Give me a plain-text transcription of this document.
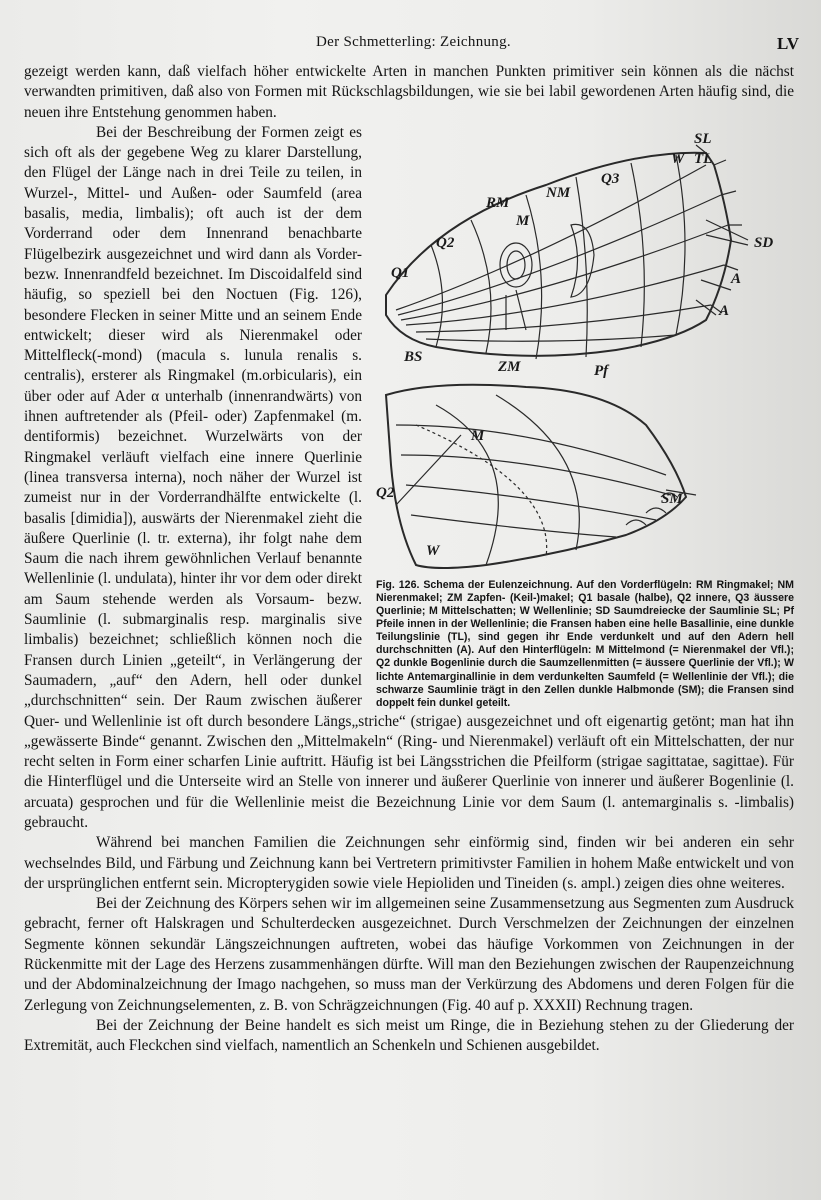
Der Schmetterling: Zeichnung.	LV

gezeigt werden kann, daß vielfach höher entwickelte Arten in manchen Punkten primitiver sein können als die nächst verwandten primitiven, daß also von Formen mit Rückschlagsbildungen, wie sie bei labil gewordenen Arten häufig sind, die neuen ihre Entstehung genommen haben.

SL
W TL
Q3
NM
RM
M
Q2
Q1
SD
A
A
BS
ZM	Pf
M
SM
Q2
W
Fig. 126. Schema der Eulenzeichnung. Auf den Vorderflügeln: RM Ringmakel; NM Nierenmakel; ZM Zapfen- (Keil-)makel; Q1 basale (halbe), Q2 innere, Q3 äussere Querlinie; M Mittelschatten; W Wellenlinie; SD Saumdreiecke der Saumlinie SL; Pf Pfeile innen in der Wellenlinie; die Fransen haben eine helle Basallinie, eine dunkle Teilungslinie (TL), sind gegen ihr Ende verdunkelt und auf den Adern hell durchschnitten (A). Auf den Hinterflügeln: M Mittelmond (= Nierenmakel der Vfl.); Q2 dunkle Bogenlinie durch die Saumzellenmitten (= äussere Querlinie der Vfl.); W lichte Antemarginallinie in dem verdunkelten Saumfeld (= Wellenlinie der Vfl.); die schwarze Saumlinie trägt in den Zellen dunkle Halbmonde (SM); die Fransen sind doppelt fein dunkel geteilt.

Bei der Beschreibung der Formen zeigt es sich oft als der gegebene Weg zu klarer Darstellung, den Flügel der Länge nach in drei Teile zu teilen, in Wurzel-, Mittel- und Außen- oder Saumfeld (area basalis, media, limbalis); oft auch ist der dem Vorderrand oder dem Innenrand benachbarte Flügelbezirk ausgezeichnet und wird dann als Vorder- bezw. Innenrandfeld bezeichnet. Im Discoidalfeld sind häufig, so speziell bei den Noctuen (Fig. 126), besondere Flecken in seiner Mitte und an seinem Ende entwickelt; dieser wird als Nierenmakel oder Mittelfleck(-mond) (macula s. lunula renalis s. centralis), ersterer als Ringmakel (m.orbicularis), ein über oder auf Ader α unterhalb (innenrandwärts) von ihnen auftretender als (Pfeil- oder) Zapfenmakel (m. dentiformis) bezeichnet. Wurzelwärts von der Ringmakel verläuft vielfach eine innere Querlinie (linea transversa interna), noch näher der Wurzel ist zumeist nur in der Vorderrandhälfte entwickelte (l. basalis [dimidia]), auswärts der Nierenmakel zieht die äußere Querlinie (l. tr. externa), ihr folgt nahe dem Saum die nach ihrem gewöhnlichen Verlauf benannte Wellenlinie (l. undulata), hinter ihr vor dem oder direkt am Saum stehende werden als Vorsaum- bezw. Saumlinie (l. submarginalis resp. marginalis sive limbalis) bezeichnet; schließlich können noch die Fransen durch Linien „geteilt“, in Verlängerung der Saumadern, „auf“ den Adern, hell oder dunkel „durchschnitten“ sein. Der Raum zwischen äußerer Quer- und Wellenlinie ist oft durch besondere Längs„striche“ (strigae) ausgezeichnet und oft eigenartig getönt; man hat ihn „gewässerte Binde“ genannt. Zwischen den „Mittelmakeln“ (Ring- und Nierenmakel) verläuft oft ein Mittelschatten, der nur recht selten in Form einer scharfen Linie auftritt. Häufig ist bei Längsstrichen die Pfeilform (strigae sagittatae, sagittae). Für die Hinterflügel und die Unterseite wird an Stelle von innerer und äußerer Querlinie von innerer und äußerer Bogenlinie (l. arcuata) gesprochen und für die Wellenlinie meist die Bezeichnung Linie vor dem Saum (l. antemarginalis s. -limbalis) gebraucht.

Während bei manchen Familien die Zeichnungen sehr einförmig sind, finden wir bei anderen ein sehr wechselndes Bild, und Färbung und Zeichnung kann bei Vertretern primitivster Familien in hohem Maße entwickelt und von der ursprünglichen entfernt sein. Micropterygiden sowie viele Hepioliden und Tineiden (s. ampl.) zeigen dies ohne weiteres.

Bei der Zeichnung des Körpers sehen wir im allgemeinen seine Zusammensetzung aus Segmenten zum Ausdruck gebracht, ferner oft Halskragen und Schulterdecken ausgezeichnet. Durch Verschmelzen der Zeichnungen der einzelnen Segmente können sekundär Längszeichnungen auftreten, wobei das häufige Vorkommen von Zeichnungen in der Rückenmitte mit der Lage des Herzens zusammenhängen dürfte. Will man den Beziehungen zwischen der Raupenzeichnung und der Abdominalzeichnung der Imago nachgehen, so muss man der Verkürzung des Abdomens und deren Folgen für die Zerlegung von Zeichnungselementen, z. B. von Schrägzeichnungen (Fig. 40 auf p. XXXII) Rechnung tragen.

Bei der Zeichnung der Beine handelt es sich meist um Ringe, die in Beziehung stehen zu der Gliederung der Extremität, auch Fleckchen sind vielfach, namentlich an Schenkeln und Schienen ausgebildet.
